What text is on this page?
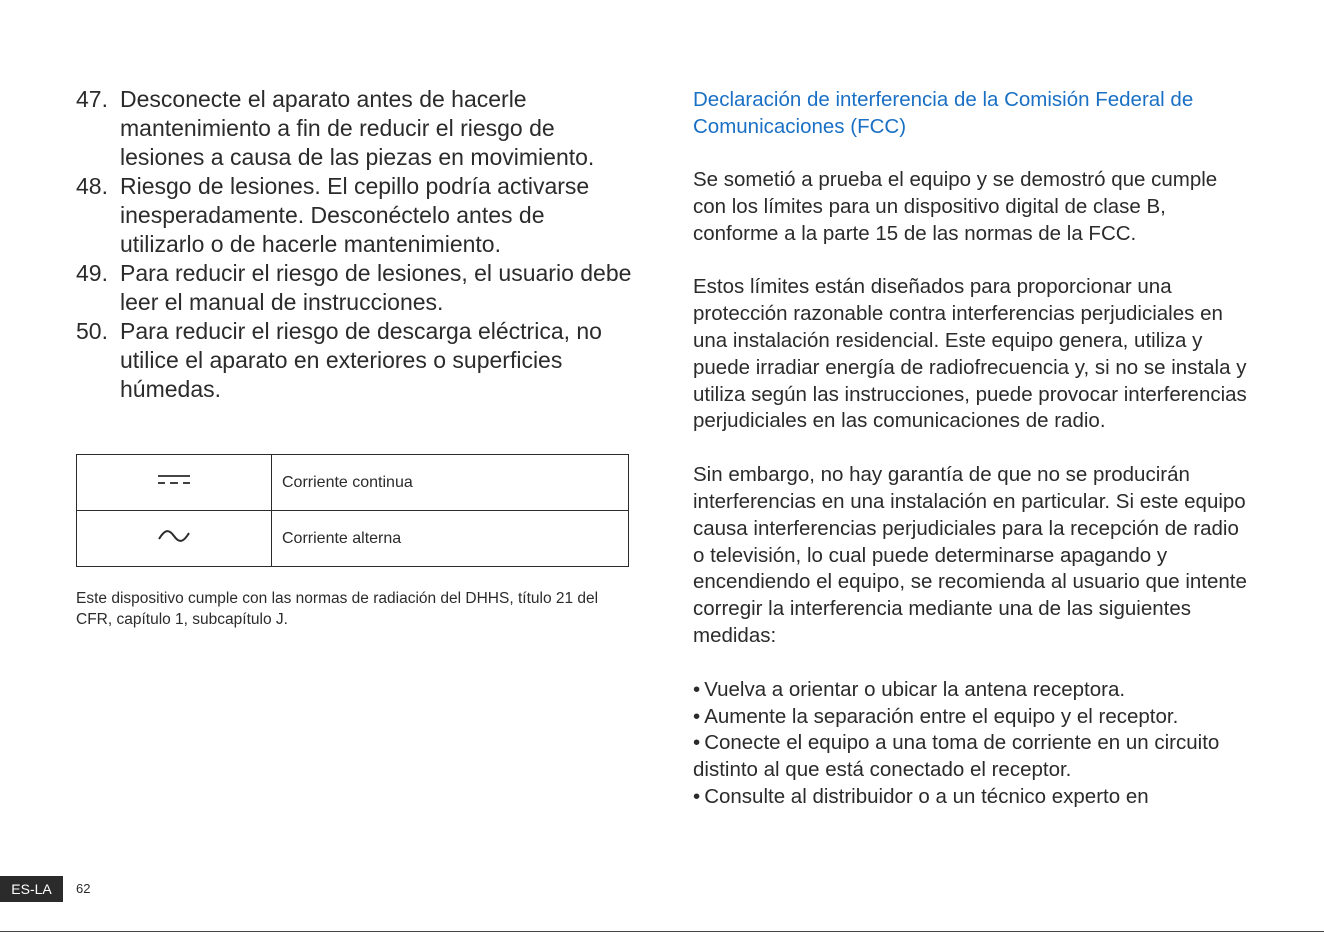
47. Desconecte el aparato antes de hacerle mantenimiento a fin de reducir el riesgo de lesiones a causa de las piezas en movimiento.
48. Riesgo de lesiones. El cepillo podría activarse inesperadamente. Desconéctelo antes de utilizarlo o de hacerle mantenimiento.
49. Para reducir el riesgo de lesiones, el usuario debe leer el manual de instrucciones.
50. Para reducir el riesgo de descarga eléctrica, no utilice el aparato en exteriores o superficies húmedas.
	Corriente continua
	Corriente alterna
Este dispositivo cumple con las normas de radiación del DHHS, título 21 del CFR, capítulo 1, subcapítulo J.
Declaración de interferencia de la Comisión Federal de Comunicaciones (FCC)

Se sometió a prueba el equipo y se demostró que cumple con los límites para un dispositivo digital de clase B, conforme a la parte 15 de las normas de la FCC.

Estos límites están diseñados para proporcionar una protección razonable contra interferencias perjudiciales en una instalación residencial. Este equipo genera, utiliza y puede irradiar energía de radiofrecuencia y, si no se instala y utiliza según las instrucciones, puede provocar interferencias perjudiciales en las comunicaciones de radio.

Sin embargo, no hay garantía de que no se producirán interferencias en una instalación en particular. Si este equipo causa interferencias perjudiciales para la recepción de radio o televisión, lo cual puede determinarse apagando y encendiendo el equipo, se recomienda al usuario que intente corregir la interferencia mediante una de las siguientes medidas:

• Vuelva a orientar o ubicar la antena receptora.
• Aumente la separación entre el equipo y el receptor.
• Conecte el equipo a una toma de corriente en un circuito distinto al que está conectado el receptor.
• Consulte al distribuidor o a un técnico experto en
ES-LA	62
